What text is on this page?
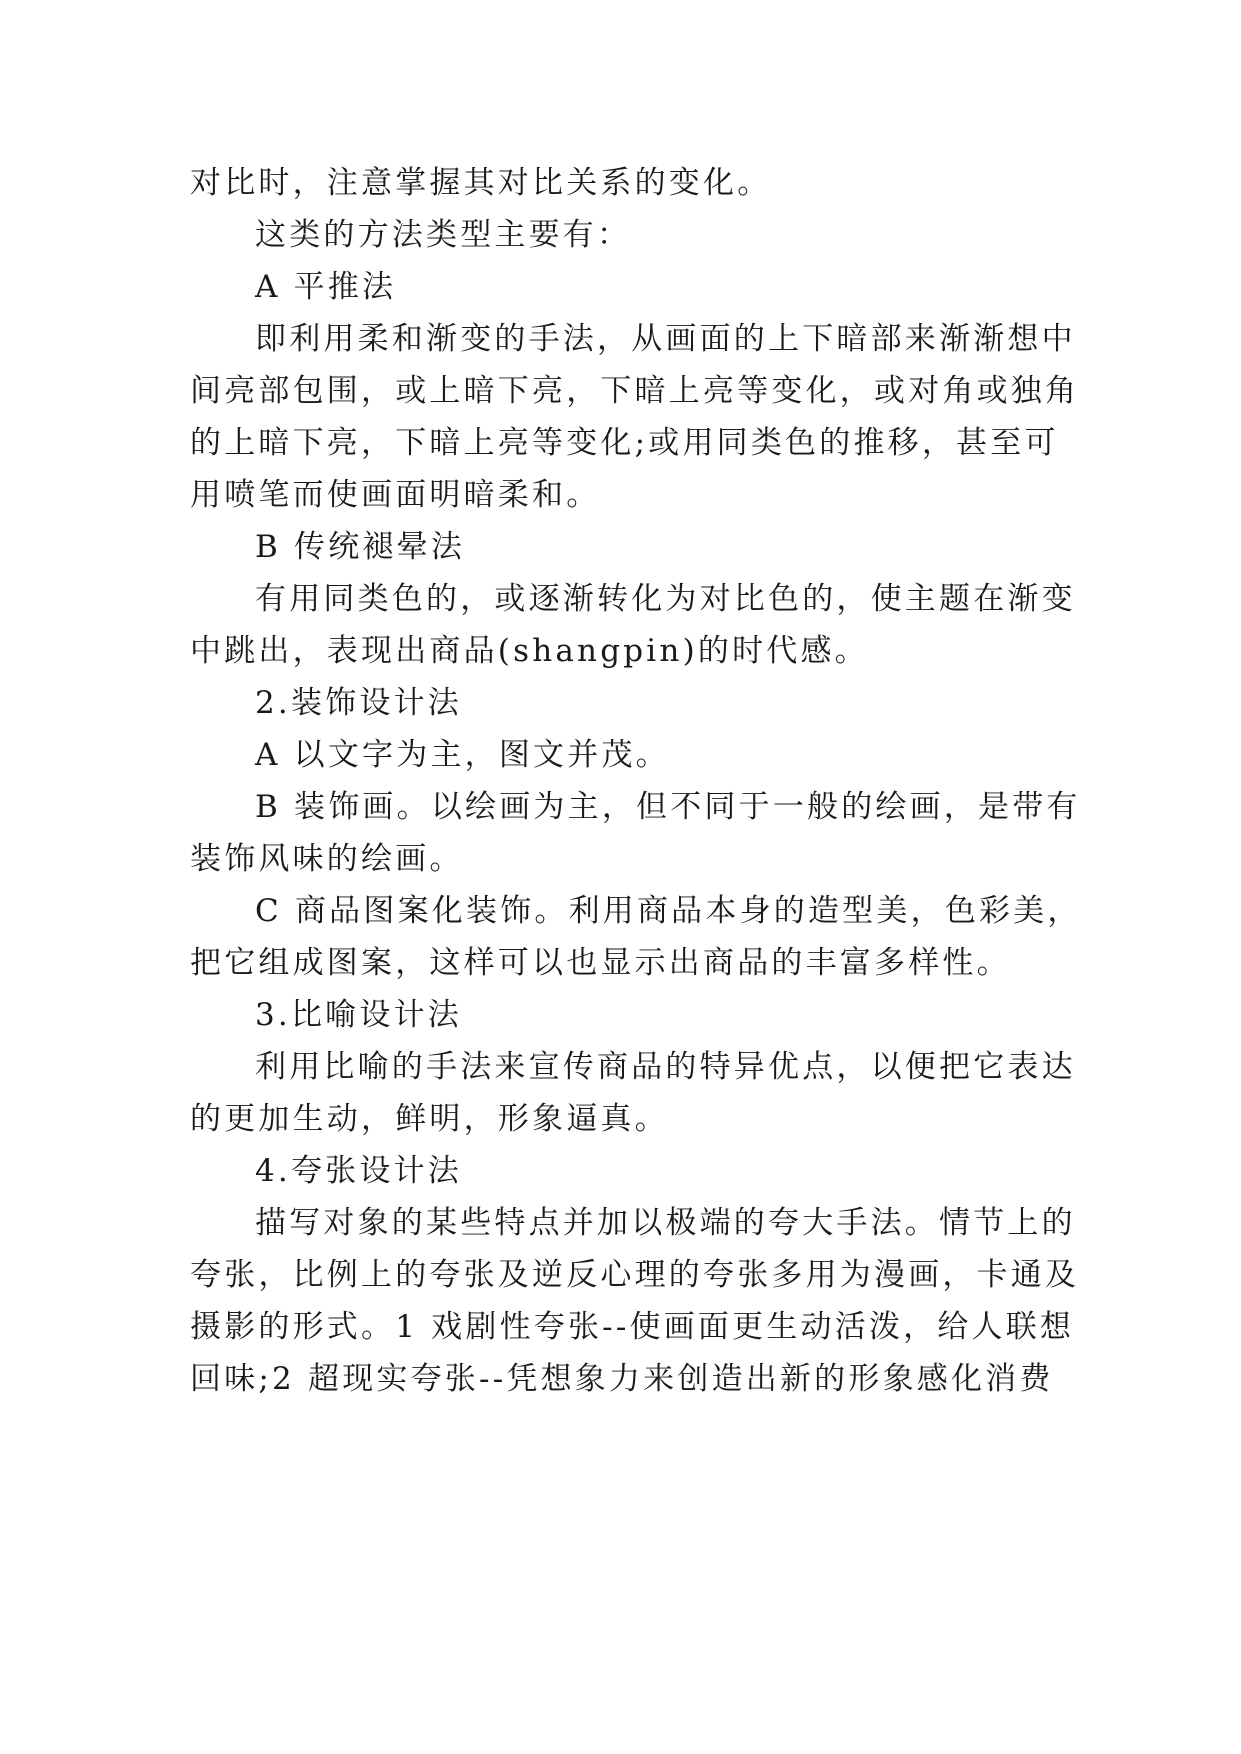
对比时，注意掌握其对比关系的变化。
这类的方法类型主要有：
A 平推法
即利用柔和渐变的手法，从画面的上下暗部来渐渐想中
间亮部包围，或上暗下亮，下暗上亮等变化，或对角或独角
的上暗下亮，下暗上亮等变化;或用同类色的推移，甚至可
用喷笔而使画面明暗柔和。
B 传统褪晕法
有用同类色的，或逐渐转化为对比色的，使主题在渐变
中跳出，表现出商品(shangpin)的时代感。
2.装饰设计法
A 以文字为主，图文并茂。
B 装饰画。以绘画为主，但不同于一般的绘画，是带有
装饰风味的绘画。
C 商品图案化装饰。利用商品本身的造型美，色彩美，
把它组成图案，这样可以也显示出商品的丰富多样性。
3.比喻设计法
利用比喻的手法来宣传商品的特异优点，以便把它表达
的更加生动，鲜明，形象逼真。
4.夸张设计法
描写对象的某些特点并加以极端的夸大手法。情节上的
夸张，比例上的夸张及逆反心理的夸张多用为漫画，卡通及
摄影的形式。1 戏剧性夸张--使画面更生动活泼，给人联想
回味;2 超现实夸张--凭想象力来创造出新的形象感化消费
